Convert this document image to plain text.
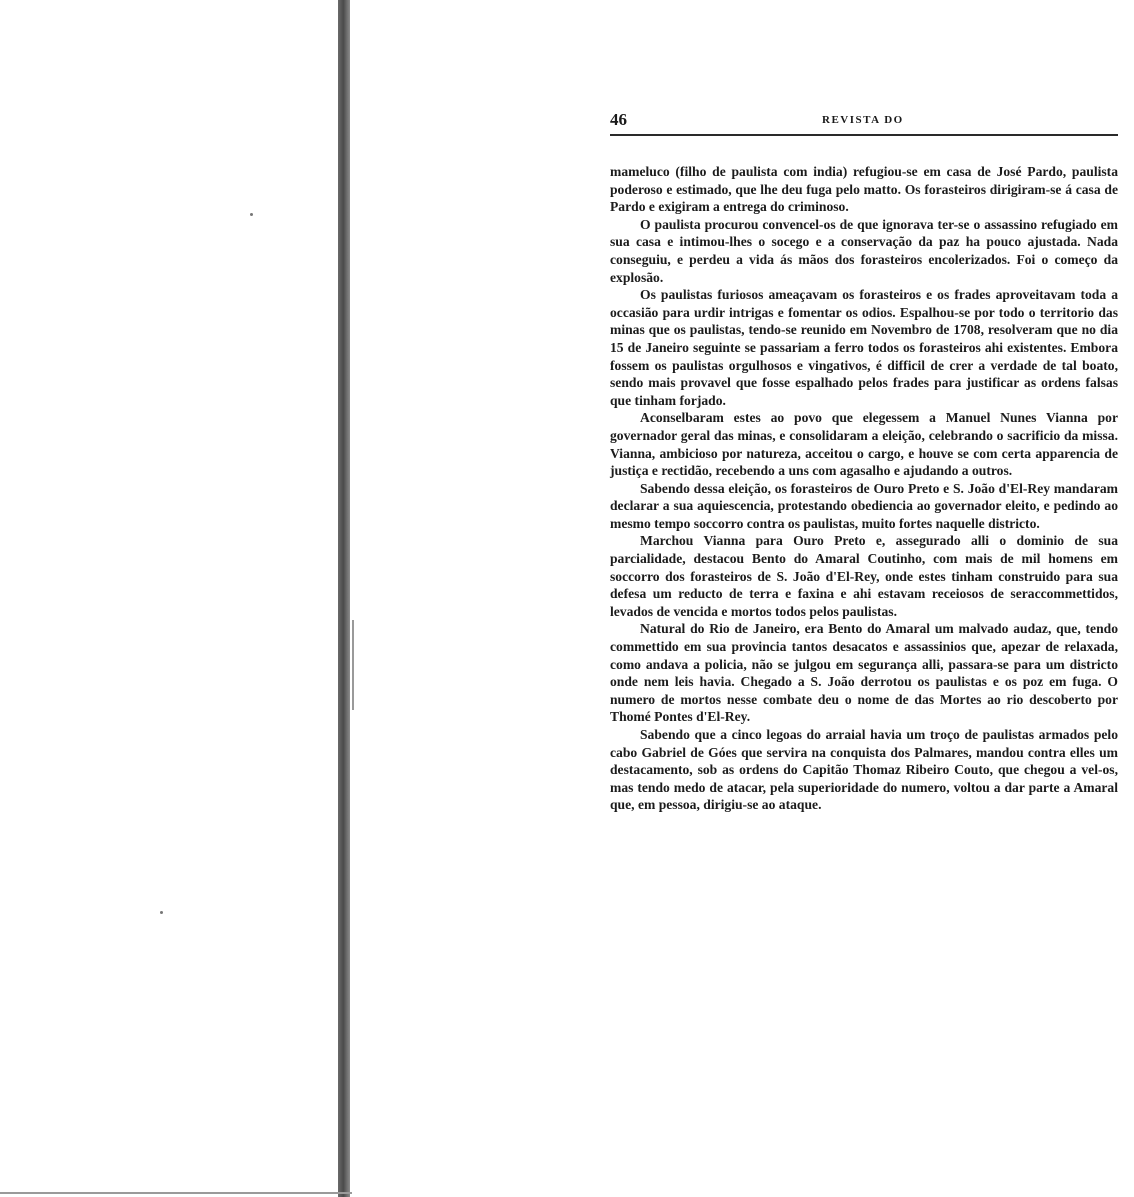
46	REVISTA DO

mameluco (filho de paulista com india) refugiou-se em casa de José Pardo, paulista poderoso e estimado, que lhe deu fuga pelo matto. Os forasteiros dirigiram-se á casa de Pardo e exigiram a entrega do criminoso.

O paulista procurou convencel-os de que ignorava ter-se o assassino refugiado em sua casa e intimou-lhes o socego e a conservação da paz ha pouco ajustada. Nada conseguiu, e perdeu a vida ás mãos dos forasteiros encolerizados. Foi o começo da explosão.

Os paulistas furiosos ameaçavam os forasteiros e os frades aproveitavam toda a occasião para urdir intrigas e fomentar os odios. Espalhou-se por todo o territorio das minas que os paulistas, tendo-se reunido em Novembro de 1708, resolveram que no dia 15 de Janeiro seguinte se passariam a ferro todos os forasteiros ahi existentes. Embora fossem os paulistas orgulhosos e vingativos, é difficil de crer a verdade de tal boato, sendo mais provavel que fosse espalhado pelos frades para justificar as ordens falsas que tinham forjado.

Aconselbaram estes ao povo que elegessem a Manuel Nunes Vianna por governador geral das minas, e consolidaram a eleição, celebrando o sacrificio da missa. Vianna, ambicioso por natureza, acceitou o cargo, e houve se com certa apparencia de justiça e rectidão, recebendo a uns com agasalho e ajudando a outros.

Sabendo dessa eleição, os forasteiros de Ouro Preto e S. João d'El-Rey mandaram declarar a sua aquiescencia, protestando obediencia ao governador eleito, e pedindo ao mesmo tempo soccorro contra os paulistas, muito fortes naquelle districto.

Marchou Vianna para Ouro Preto e, assegurado alli o dominio de sua parcialidade, destacou Bento do Amaral Coutinho, com mais de mil homens em soccorro dos forasteiros de S. João d'El-Rey, onde estes tinham construido para sua defesa um reducto de terra e faxina e ahi estavam receiosos de seraccommettidos, levados de vencida e mortos todos pelos paulistas.

Natural do Rio de Janeiro, era Bento do Amaral um malvado audaz, que, tendo commettido em sua provincia tantos desacatos e assassinios que, apezar de relaxada, como andava a policia, não se julgou em segurança alli, passara-se para um districto onde nem leis havia. Chegado a S. João derrotou os paulistas e os poz em fuga. O numero de mortos nesse combate deu o nome de das Mortes ao rio descoberto por Thomé Pontes d'El-Rey.

Sabendo que a cinco legoas do arraial havia um troço de paulistas armados pelo cabo Gabriel de Góes que servira na conquista dos Palmares, mandou contra elles um destacamento, sob as ordens do Capitão Thomaz Ribeiro Couto, que chegou a vel-os, mas tendo medo de atacar, pela superioridade do numero, voltou a dar parte a Amaral que, em pessoa, dirigiu-se ao ataque.
